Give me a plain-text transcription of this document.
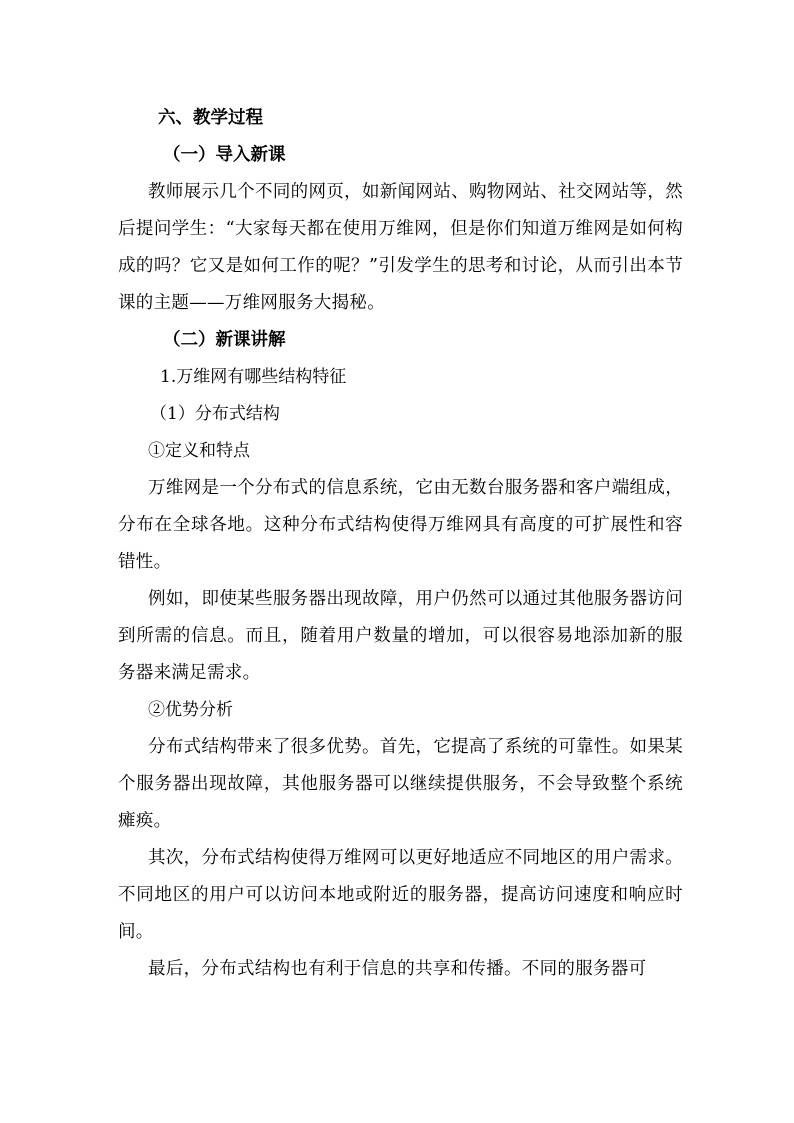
六、教学过程
（一）导入新课

教师展示几个不同的网页，如新闻网站、购物网站、社交网站等，然后提问学生：“大家每天都在使用万维网，但是你们知道万维网是如何构成的吗？它又是如何工作的呢？”引发学生的思考和讨论，从而引出本节课的主题——万维网服务大揭秘。

（二）新课讲解
1.万维网有哪些结构特征
（1）分布式结构
①定义和特点

万维网是一个分布式的信息系统，它由无数台服务器和客户端组成，分布在全球各地。这种分布式结构使得万维网具有高度的可扩展性和容错性。

例如，即使某些服务器出现故障，用户仍然可以通过其他服务器访问到所需的信息。而且，随着用户数量的增加，可以很容易地添加新的服务器来满足需求。

②优势分析

分布式结构带来了很多优势。首先，它提高了系统的可靠性。如果某个服务器出现故障，其他服务器可以继续提供服务，不会导致整个系统瘫痪。

其次，分布式结构使得万维网可以更好地适应不同地区的用户需求。不同地区的用户可以访问本地或附近的服务器，提高访问速度和响应时间。

最后，分布式结构也有利于信息的共享和传播。不同的服务器可
